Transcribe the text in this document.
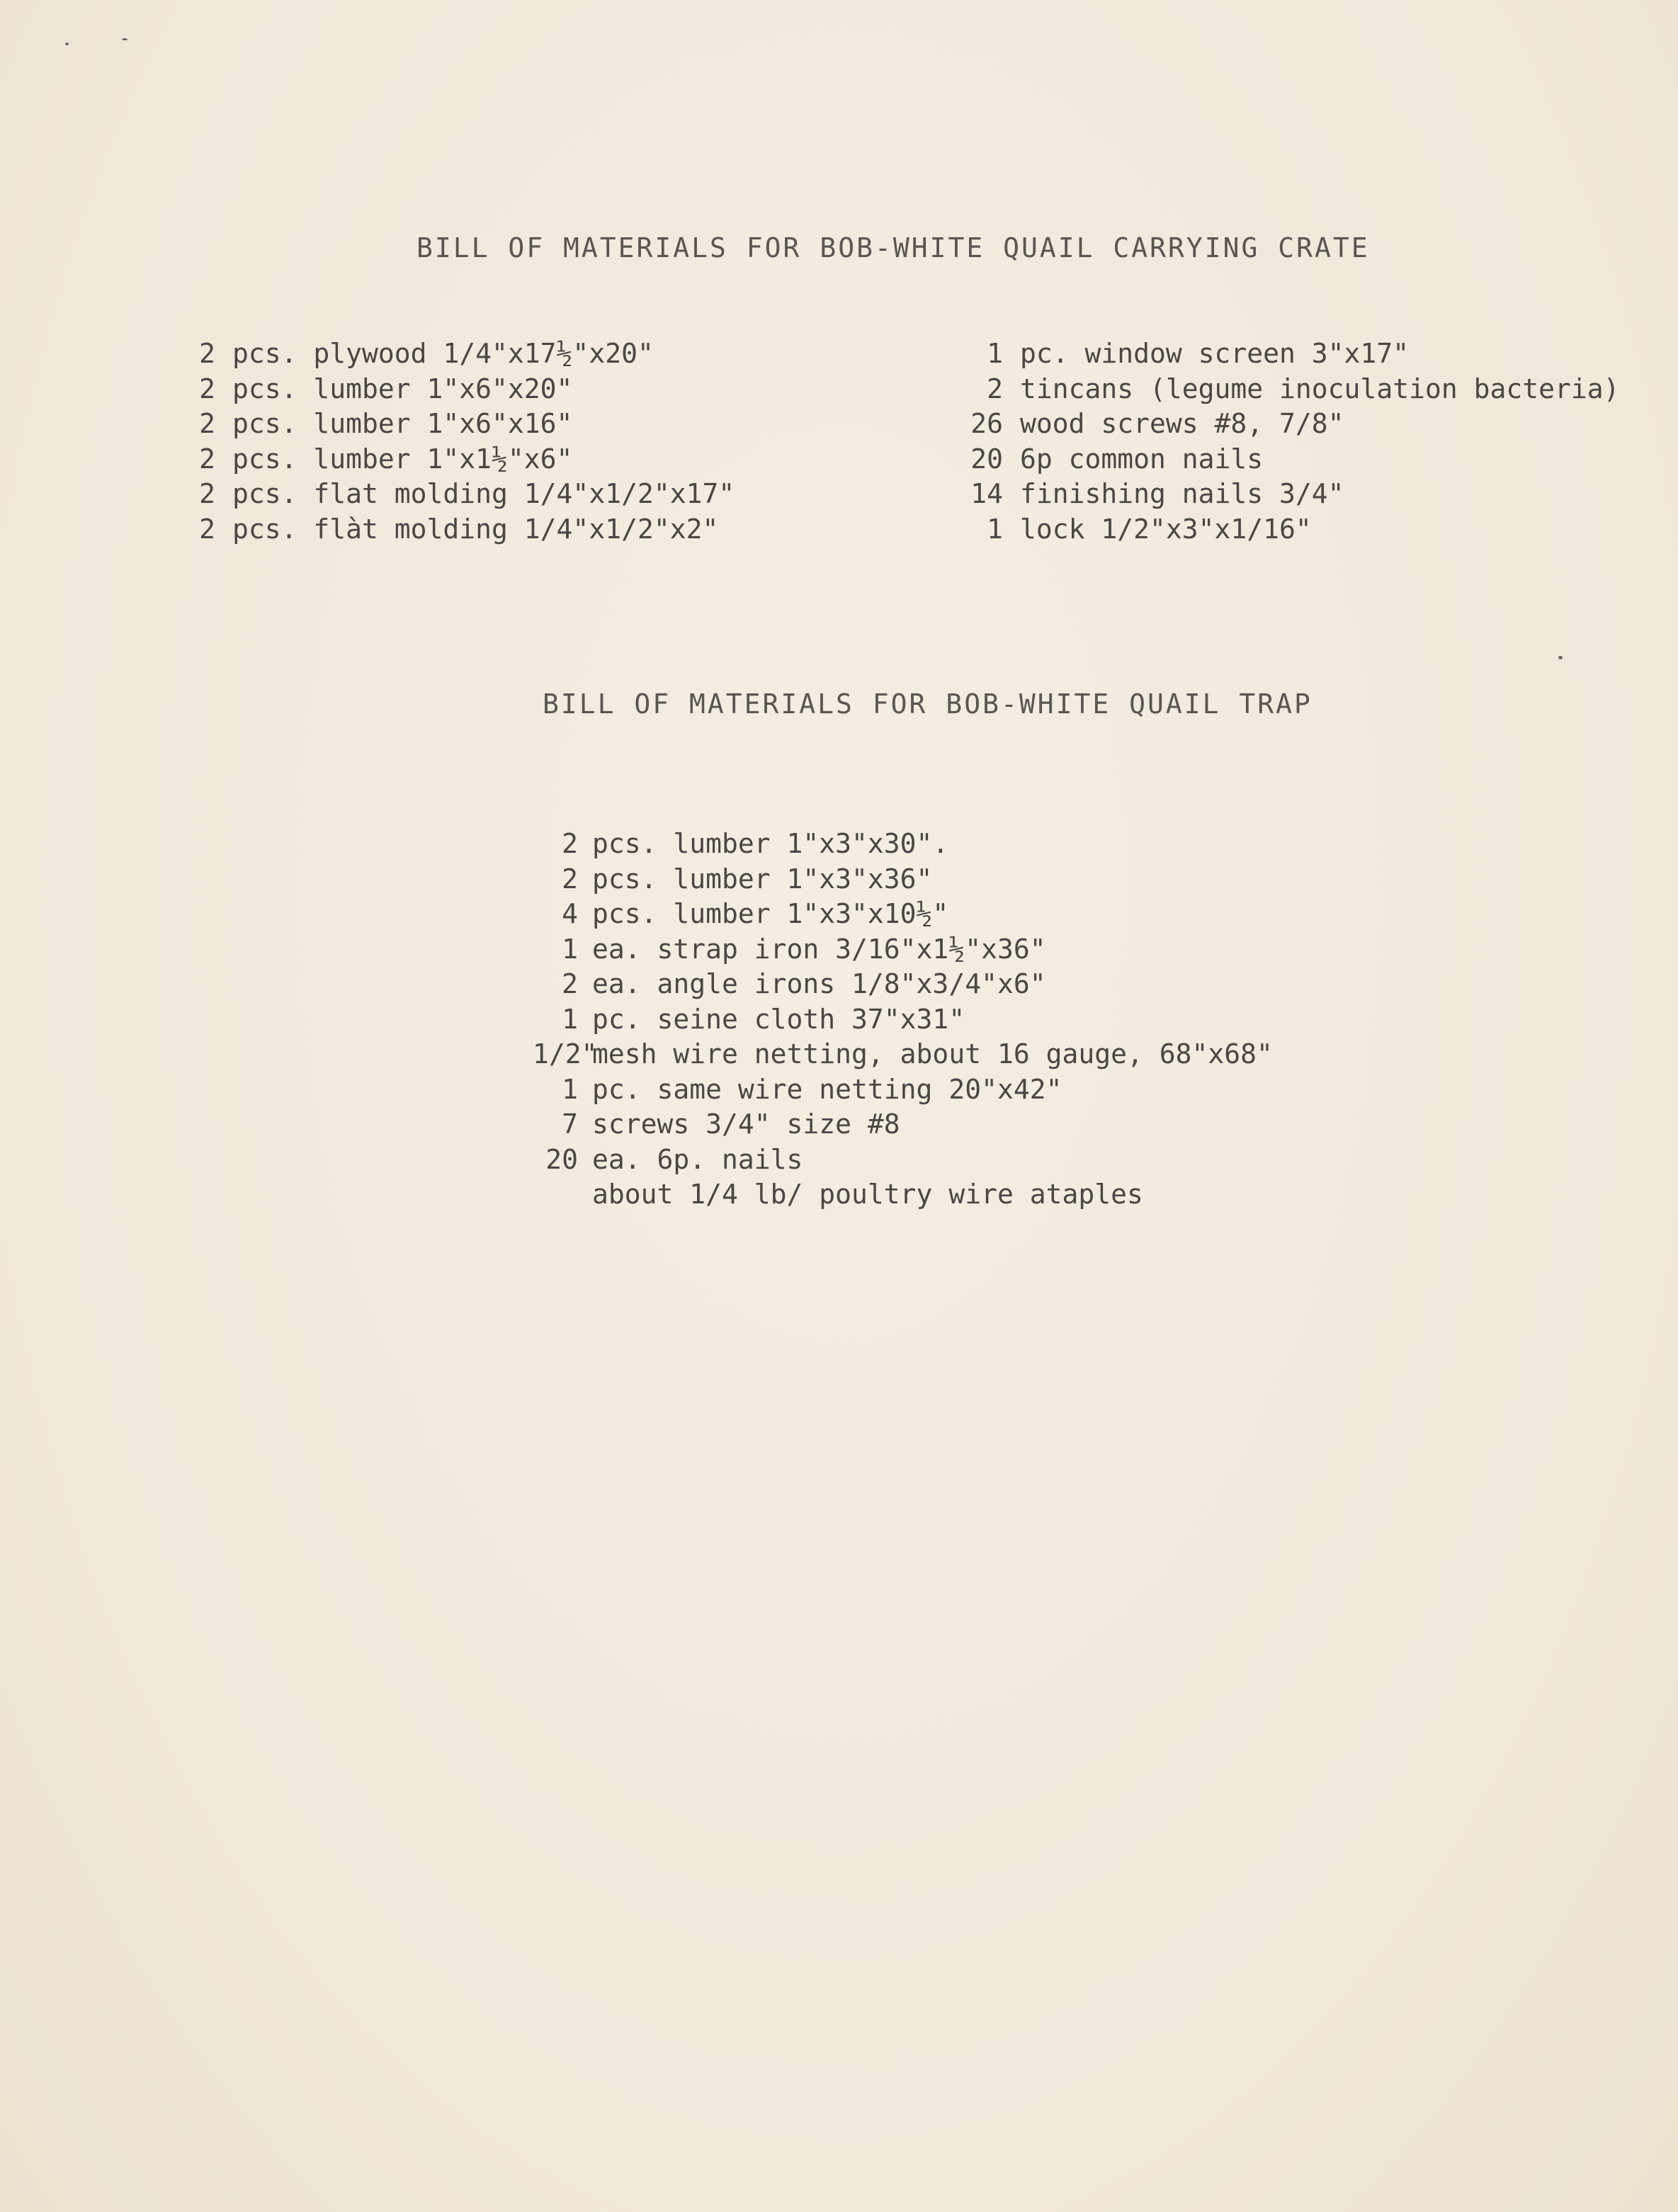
BILL OF MATERIALS FOR BOB-WHITE QUAIL CARRYING CRATE
2 pcs. plywood 1/4"x17½"x20"
2 pcs. lumber 1"x6"x20"
2 pcs. lumber 1"x6"x16"
2 pcs. lumber 1"x1½"x6"
2 pcs. flat molding 1/4"x1/2"x17"
2 pcs. flàt molding 1/4"x1/2"x2"
1 pc. window screen 3"x17"
2 tincans (legume inoculation bacteria)
26 wood screws #8, 7/8"
20 6p common nails
14 finishing nails 3/4"
1 lock 1/2"x3"x1/16"
BILL OF MATERIALS FOR BOB-WHITE QUAIL TRAP
2 pcs. lumber 1"x3"x30".
2 pcs. lumber 1"x3"x36"
4 pcs. lumber 1"x3"x10½"
1 ea. strap iron 3/16"x1½"x36"
2 ea. angle irons 1/8"x3/4"x6"
1 pc. seine cloth 37"x31"
1/2"
mesh wire netting, about 16 gauge, 68"x68"
1 pc. same wire netting 20"x42"
7 screws 3/4" size #8
20 ea. 6p. nails
about 1/4 lb/ poultry wire ataples
